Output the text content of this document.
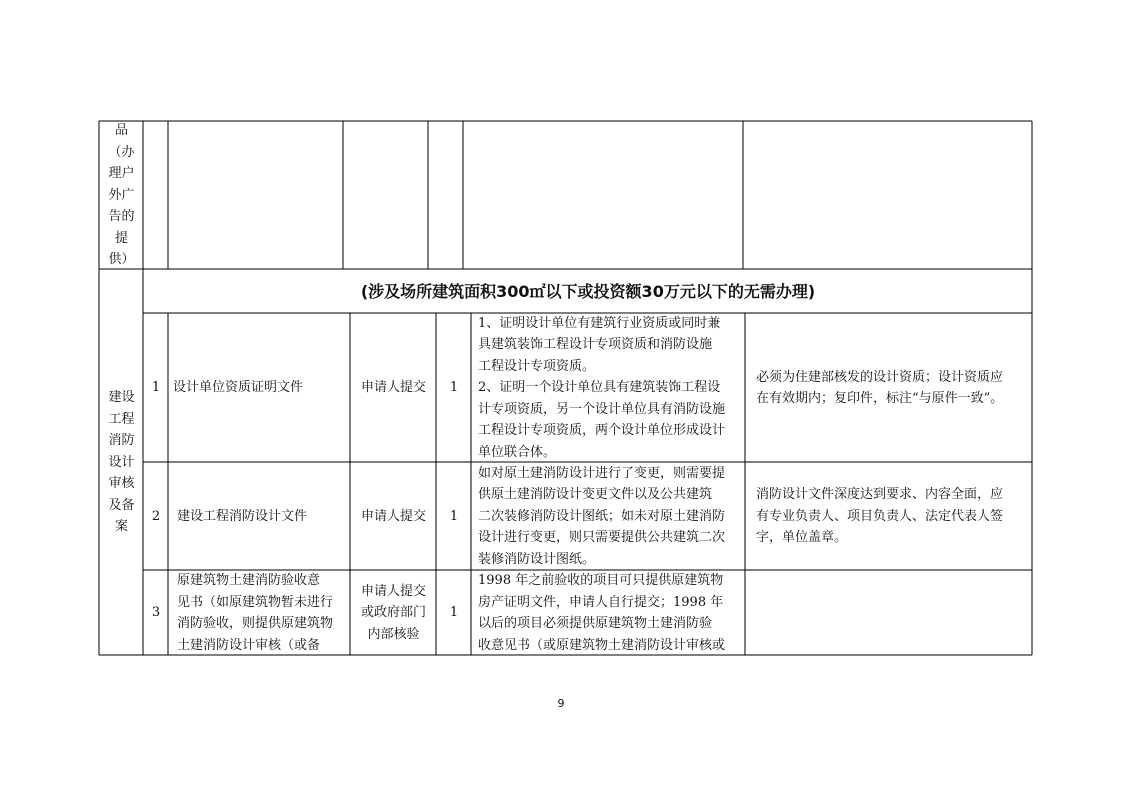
品
（办
理户
外广
告的
提
供）
建设
工程
消防
设计
审核
及备
案
(涉及场所建筑面积300㎡以下或投资额30万元以下的无需办理)
1 设计单位资质证明文件	申请人提交 1
1、证明设计单位有建筑行业资质或同时兼
具建筑装饰工程设计专项资质和消防设施
工程设计专项资质。
2、证明一个设计单位具有建筑装饰工程设
计专项资质，另一个设计单位具有消防设施
工程设计专项资质，两个设计单位形成设计
单位联合体。
必须为住建部核发的设计资质；设计资质应
在有效期内；复印件，标注“与原件一致”。
2 建设工程消防设计文件	申请人提交 1
如对原土建消防设计进行了变更，则需要提
供原土建消防设计变更文件以及公共建筑
二次装修消防设计图纸；如未对原土建消防
设计进行变更，则只需要提供公共建筑二次
装修消防设计图纸。
消防设计文件深度达到要求、内容全面，应
有专业负责人、项目负责人、法定代表人签
字，单位盖章。
3
原建筑物土建消防验收意
见书（如原建筑物暂未进行
消防验收，则提供原建筑物
土建消防设计审核（或备
申请人提交
或政府部门
内部核验
1
1998 年之前验收的项目可只提供原建筑物
房产证明文件，申请人自行提交；1998 年
以后的项目必须提供原建筑物土建消防验
收意见书（或原建筑物土建消防设计审核或
9
